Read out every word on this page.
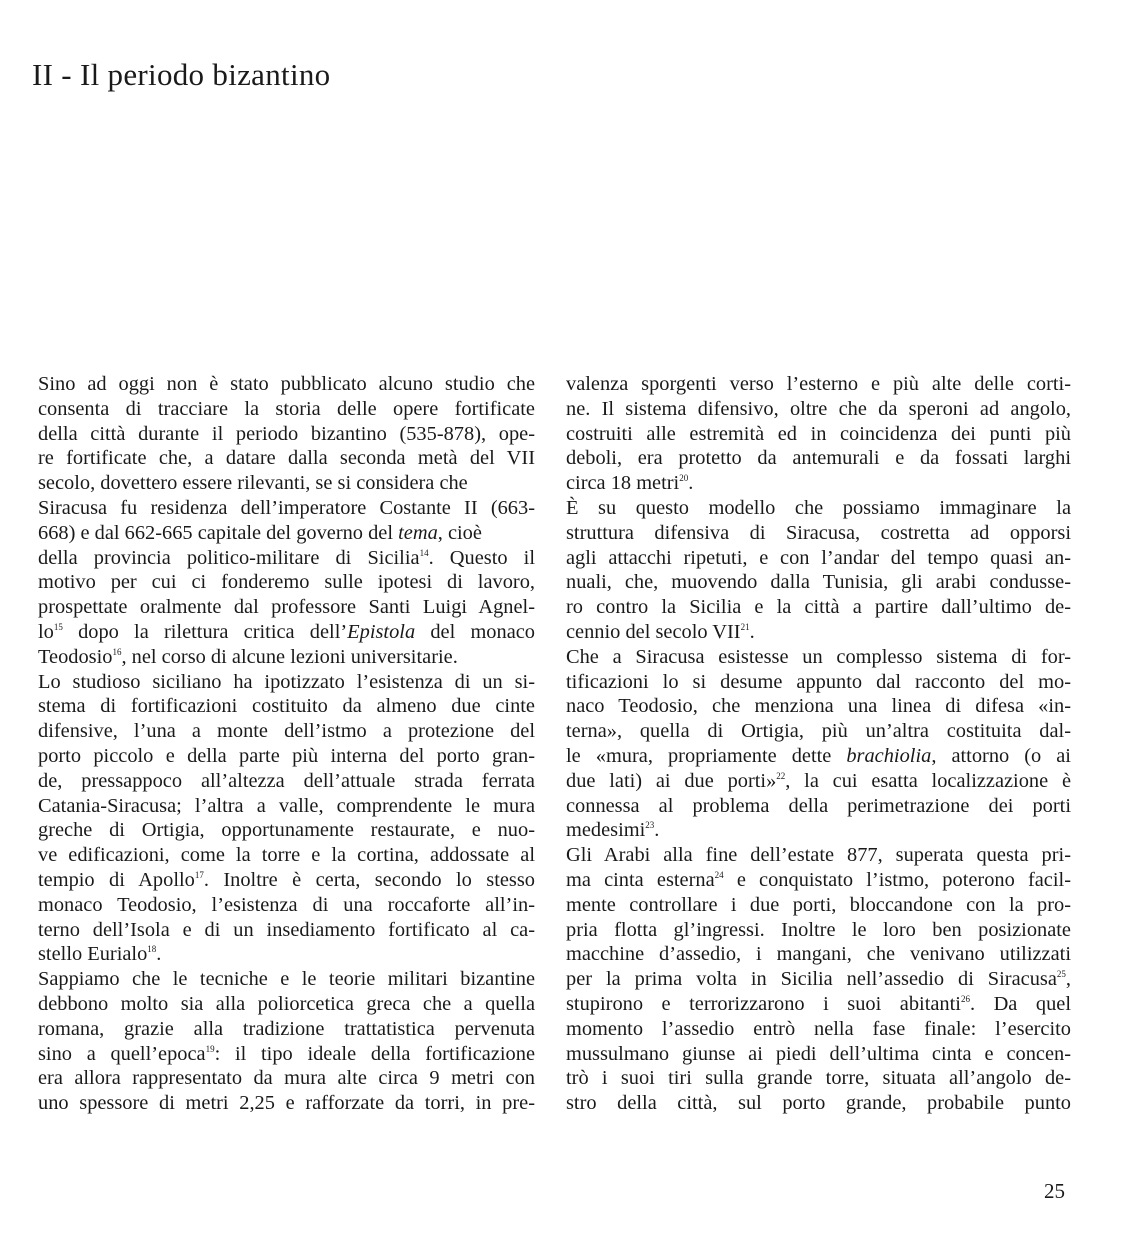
II - Il periodo bizantino
Sino ad oggi non è stato pubblicato alcuno studio che
consenta di tracciare la storia delle opere fortificate
della città durante il periodo bizantino (535-878), ope-
re fortificate che, a datare dalla seconda metà del VII
secolo, dovettero essere rilevanti, se si considera che
Siracusa fu residenza dell’imperatore Costante II (663-
668) e dal 662-665 capitale del governo del tema, cioè
della provincia politico-militare di Sicilia$^{14}$. Questo il
motivo per cui ci fonderemo sulle ipotesi di lavoro,
prospettate oralmente dal professore Santi Luigi Agnel-
$lo^{15}$ dopo la rilettura critica dell’Epistola del monaco
Teodosio$^{16}$, nel corso di alcune lezioni universitarie.
Lo studioso siciliano ha ipotizzato l’esistenza di un si-
stema di fortificazioni costituito da almeno due cinte
difensive, l’una a monte dell’istmo a protezione del
porto piccolo e della parte più interna del porto gran-
de, pressappoco all’altezza dell’attuale strada ferrata
Catania-Siracusa; l’altra a valle, comprendente le mura
greche di Ortigia, opportunamente restaurate, e nuo-
ve edificazioni, come la torre e la cortina, addossate al
tempio di Apollo$^{17}$. Inoltre è certa, secondo lo stesso
monaco Teodosio, l’esistenza di una roccaforte all’in-
terno dell’Isola e di un insediamento fortificato al ca-
stello Eurialo$^{18}$.
Sappiamo che le tecniche e le teorie militari bizantine
debbono molto sia alla poliorcetica greca che a quella
romana, grazie alla tradizione trattatistica pervenuta
sino a quell’epoca$^{19}$: il tipo ideale della fortificazione
era allora rappresentato da mura alte circa 9 metri con
uno spessore di metri 2,25 e rafforzate da torri, in pre-
valenza sporgenti verso l’esterno e più alte delle corti-
ne. Il sistema difensivo, oltre che da speroni ad angolo,
costruiti alle estremità ed in coincidenza dei punti più
deboli, era protetto da antemurali e da fossati larghi
circa 18 metri$^{20}$.
È su questo modello che possiamo immaginare la
struttura difensiva di Siracusa, costretta ad opporsi
agli attacchi ripetuti, e con l’andar del tempo quasi an-
nuali, che, muovendo dalla Tunisia, gli arabi condusse-
ro contro la Sicilia e la città a partire dall’ultimo de-
cennio del secolo VII$^{21}$.
Che a Siracusa esistesse un complesso sistema di for-
tificazioni lo si desume appunto dal racconto del mo-
naco Teodosio, che menziona una linea di difesa «in-
terna», quella di Ortigia, più un’altra costituita dal-
le «mura, propriamente dette brachiolia, attorno (o ai
due lati) ai due porti»$^{22}$, la cui esatta localizzazione è
connessa al problema della perimetrazione dei porti
medesimi$^{23}$.
Gli Arabi alla fine dell’estate 877, superata questa pri-
ma cinta esterna$^{24}$ e conquistato l’istmo, poterono facil-
mente controllare i due porti, bloccandone con la pro-
pria flotta gl’ingressi. Inoltre le loro ben posizionate
macchine d’assedio, i mangani, che venivano utilizzati
per la prima volta in Sicilia nell’assedio di Siracusa$^{25}$,
stupirono e terrorizzarono i suoi abitanti$^{26}$. Da quel
momento l’assedio entrò nella fase finale: l’esercito
mussulmano giunse ai piedi dell’ultima cinta e concen-
trò i suoi tiri sulla grande torre, situata all’angolo de-
stro della città, sul porto grande, probabile punto
25
